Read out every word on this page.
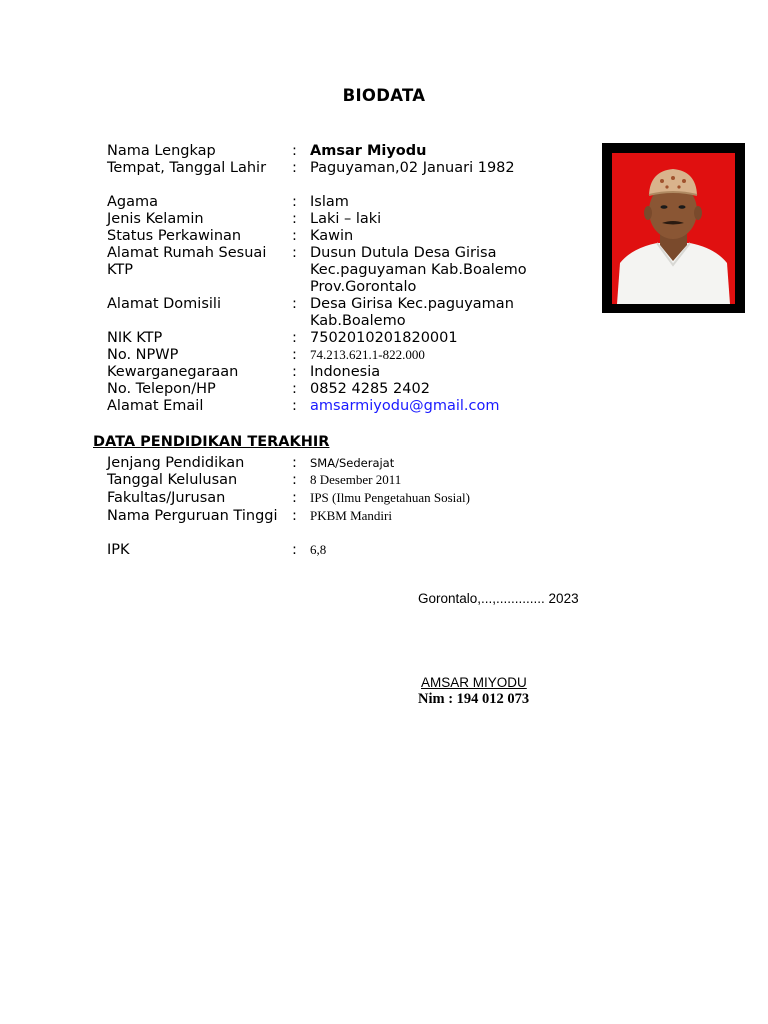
BIODATA
Nama Lengkap	: Amsar Miyodu
Tempat, Tanggal Lahir	: Paguyaman,02 Januari 1982
Agama	: Islam
Jenis Kelamin	: Laki – laki
Status Perkawinan	: Kawin
Alamat Rumah Sesuai KTP
: Dusun Dutula Desa Girisa Kec.paguyaman Kab.Boalemo Prov.Gorontalo
Alamat Domisili	: Desa Girisa Kec.paguyaman Kab.Boalemo
NIK KTP	: 7502010201820001
No. NPWP	: 74.213.621.1-822.000
Kewarganegaraan	: Indonesia
No. Telepon/HP	: 0852 4285 2402
Alamat Email	: amsarmiyodu@gmail.com
DATA PENDIDIKAN TERAKHIR
Jenjang Pendidikan	: SMA/Sederajat
Tanggal Kelulusan	: 8 Desember 2011
Fakultas/Jurusan	: IPS (Ilmu Pengetahuan Sosial)
Nama Perguruan Tinggi : PKBM Mandiri
IPK	: 6,8
Gorontalo,...,............. 2023
AMSAR MIYODU
Nim : 194 012 073
